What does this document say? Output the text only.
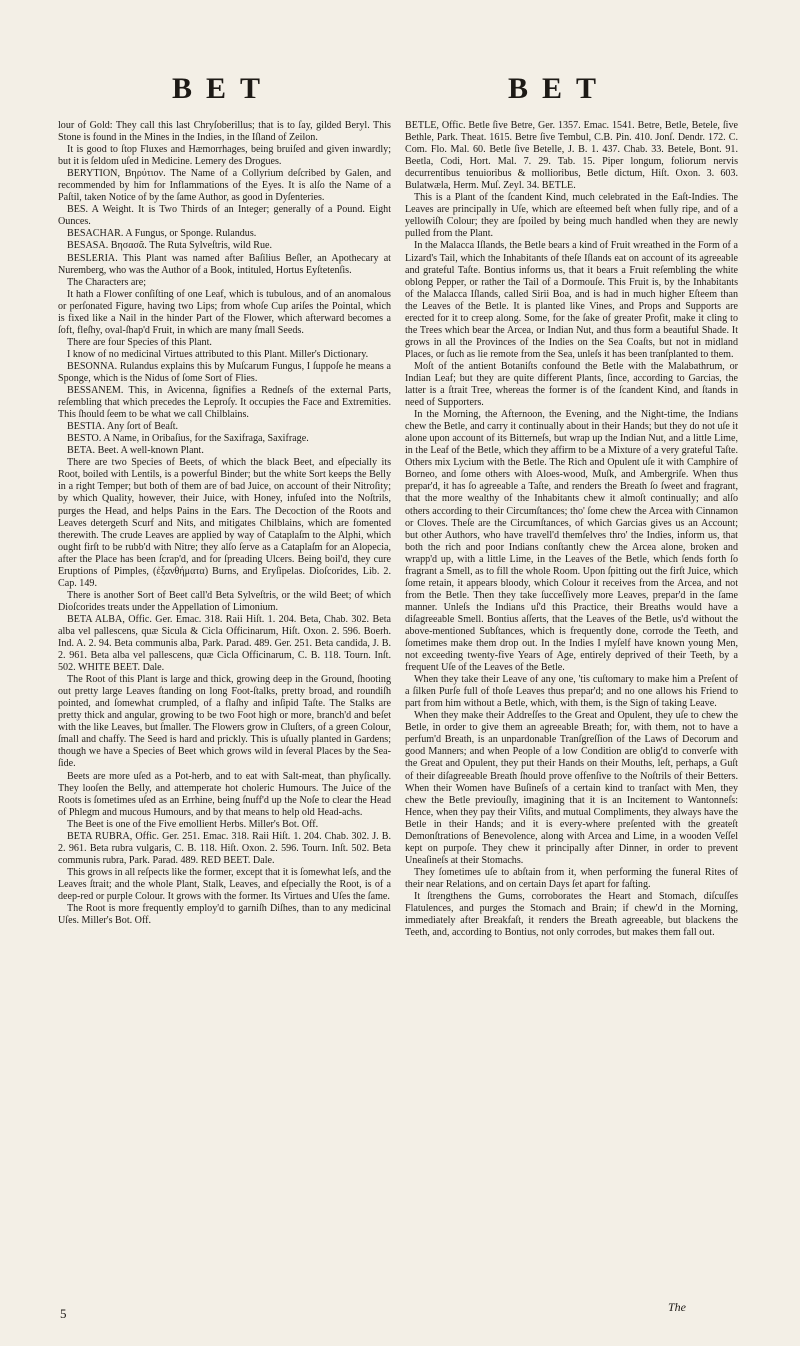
BET	BET

lour of Gold: They call this last Chryſoberillus; that is to ſay, gilded Beryl. This Stone is found in the Mines in the Indies, in the Iſland of Zeilon.

It is good to ſtop Fluxes and Hæmorrhages, being bruiſed and given inwardly; but it is ſeldom uſed in Medicine. Lemery des Drogues.

BERYTION, Βηρύτιον. The Name of a Collyrium deſcribed by Galen, and recommended by him for Inflammations of the Eyes. It is alſo the Name of a Paſtil, taken Notice of by the ſame Author, as good in Dyſenteries.

BES. A Weight. It is Two Thirds of an Integer; generally of a Pound. Eight Ounces.

BESACHAR. A Fungus, or Sponge. Rulandus.

BESASA. Βησασᾶ. The Ruta Sylveſtris, wild Rue.

BESLERIA. This Plant was named after Baſilius Beſler, an Apothecary at Nuremberg, who was the Author of a Book, intituled, Hortus Eyſtetenſis.

The Characters are;

It hath a Flower conſiſting of one Leaf, which is tubulous, and of an anomalous or perſonated Figure, having two Lips; from whoſe Cup ariſes the Pointal, which is fixed like a Nail in the hinder Part of the Flower, which afterward becomes a ſoft, fleſhy, oval-ſhap'd Fruit, in which are many ſmall Seeds.

There are four Species of this Plant.

I know of no medicinal Virtues attributed to this Plant. Miller's Dictionary.

BESONNA. Rulandus explains this by Muſcarum Fungus, I ſuppoſe he means a Sponge, which is the Nidus of ſome Sort of Flies.

BESSANEM. This, in Avicenna, ſignifies a Redneſs of the external Parts, reſembling that which precedes the Leproſy. It occupies the Face and Extremities. This ſhould ſeem to be what we call Chilblains.

BESTIA. Any ſort of Beaſt.

BESTO. A Name, in Oribaſius, for the Saxifraga, Saxifrage.

BETA. Beet. A well-known Plant.

There are two Species of Beets, of which the black Beet, and eſpecially its Root, boiled with Lentils, is a powerful Binder; but the white Sort keeps the Belly in a right Temper; but both of them are of bad Juice, on account of their Nitroſity; by which Quality, however, their Juice, with Honey, infuſed into the Noſtrils, purges the Head, and helps Pains in the Ears. The Decoction of the Roots and Leaves detergeth Scurf and Nits, and mitigates Chilblains, which are fomented therewith. The crude Leaves are applied by way of Cataplaſm to the Alphi, which ought firſt to be rubb'd with Nitre; they alſo ſerve as a Cataplaſm for an Alopecia, after the Place has been ſcrap'd, and for ſpreading Ulcers. Being boil'd, they cure Eruptions of Pimples, (ἐξανθήματα) Burns, and Eryſipelas. Dioſcorides, Lib. 2. Cap. 149.

There is another Sort of Beet call'd Beta Sylveſtris, or the wild Beet; of which Dioſcorides treats under the Appellation of Limonium.

BETA ALBA, Offic. Ger. Emac. 318. Raii Hiſt. 1. 204. Beta, Chab. 302. Beta alba vel pallescens, quæ Sicula & Cicla Officinarum, Hiſt. Oxon. 2. 596. Boerh. Ind. A. 2. 94. Beta communis alba, Park. Parad. 489. Ger. 251. Beta candida, J. B. 2. 961. Beta alba vel pallescens, quæ Cicla Officinarum, C. B. 118. Tourn. Inſt. 502. WHITE BEET. Dale.

The Root of this Plant is large and thick, growing deep in the Ground, ſhooting out pretty large Leaves ſtanding on long Foot-ſtalks, pretty broad, and roundiſh pointed, and ſomewhat crumpled, of a flaſhy and inſipid Taſte. The Stalks are pretty thick and angular, growing to be two Foot high or more, branch'd and beſet with the like Leaves, but ſmaller. The Flowers grow in Cluſters, of a green Colour, ſmall and chaffy. The Seed is hard and prickly. This is uſually planted in Gardens; though we have a Species of Beet which grows wild in ſeveral Places by the Sea-ſide.

Beets are more uſed as a Pot-herb, and to eat with Salt-meat, than phyſically. They looſen the Belly, and attemperate hot choleric Humours. The Juice of the Roots is ſometimes uſed as an Errhine, being ſnuff'd up the Noſe to clear the Head of Phlegm and mucous Humours, and by that means to help old Head-achs.

The Beet is one of the Five emollient Herbs. Miller's Bot. Off.

BETA RUBRA, Offic. Ger. 251. Emac. 318. Raii Hiſt. 1. 204. Chab. 302. J. B. 2. 961. Beta rubra vulgaris, C. B. 118. Hiſt. Oxon. 2. 596. Tourn. Inſt. 502. Beta communis rubra, Park. Parad. 489. RED BEET. Dale.

This grows in all reſpects like the former, except that it is ſomewhat leſs, and the Leaves ſtrait; and the whole Plant, Stalk, Leaves, and eſpecially the Root, is of a deep-red or purple Colour. It grows with the former. Its Virtues and Uſes the ſame.

The Root is more frequently employ'd to garniſh Diſhes, than to any medicinal Uſes. Miller's Bot. Off.

BETLE, Offic. Betle ſive Betre, Ger. 1357. Emac. 1541. Betre, Betle, Betele, ſive Bethle, Park. Theat. 1615. Betre ſive Tembul, C.B. Pin. 410. Jonſ. Dendr. 172. C. Com. Flo. Mal. 60. Betle ſive Betelle, J. B. 1. 437. Chab. 33. Betele, Bont. 91. Beetla, Codi, Hort. Mal. 7. 29. Tab. 15. Piper longum, foliorum nervis decurrentibus tenuioribus & mollioribus, Betle dictum, Hiſt. Oxon. 3. 603. Bulatwæla, Herm. Muſ. Zeyl. 34. BETLE.

This is a Plant of the ſcandent Kind, much celebrated in the Eaſt-Indies. The Leaves are principally in Uſe, which are eſteemed beſt when fully ripe, and of a yellowiſh Colour; they are ſpoiled by being much handled when they are newly pulled from the Plant.

In the Malacca Iſlands, the Betle bears a kind of Fruit wreathed in the Form of a Lizard's Tail, which the Inhabitants of theſe Iſlands eat on account of its agreeable and grateful Taſte. Bontius informs us, that it bears a Fruit reſembling the white oblong Pepper, or rather the Tail of a Dormouſe. This Fruit is, by the Inhabitants of the Malacca Iſlands, called Sirii Boa, and is had in much higher Eſteem than the Leaves of the Betle. It is planted like Vines, and Props and Supports are erected for it to creep along. Some, for the ſake of greater Profit, make it cling to the Trees which bear the Arcea, or Indian Nut, and thus form a beautiful Shade. It grows in all the Provinces of the Indies on the Sea Coaſts, but not in midland Places, or ſuch as lie remote from the Sea, unleſs it has been tranſplanted to them.

Moſt of the antient Botaniſts confound the Betle with the Malabathrum, or Indian Leaf; but they are quite different Plants, ſince, according to Garcias, the latter is a ſtrait Tree, whereas the former is of the ſcandent Kind, and ſtands in need of Supporters.

In the Morning, the Afternoon, the Evening, and the Night-time, the Indians chew the Betle, and carry it continually about in their Hands; but they do not uſe it alone upon account of its Bitterneſs, but wrap up the Indian Nut, and a little Lime, in the Leaf of the Betle, which they affirm to be a Mixture of a very grateful Taſte. Others mix Lycium with the Betle. The Rich and Opulent uſe it with Camphire of Borneo, and ſome others with Aloes-wood, Muſk, and Ambergriſe. When thus prepar'd, it has ſo agreeable a Taſte, and renders the Breath ſo ſweet and fragrant, that the more wealthy of the Inhabitants chew it almoſt continually; and alſo others according to their Circumſtances; tho' ſome chew the Arcea with Cinnamon or Cloves. Theſe are the Circumſtances, of which Garcias gives us an Account; but other Authors, who have travell'd themſelves thro' the Indies, inform us, that both the rich and poor Indians conſtantly chew the Arcea alone, broken and wrapp'd up, with a little Lime, in the Leaves of the Betle, which ſends forth ſo fragrant a Smell, as to fill the whole Room. Upon ſpitting out the firſt Juice, which ſome retain, it appears bloody, which Colour it receives from the Arcea, and not from the Betle. Then they take ſucceſſively more Leaves, prepar'd in the ſame manner. Unleſs the Indians uſ'd this Practice, their Breaths would have a diſagreeable Smell. Bontius aſſerts, that the Leaves of the Betle, us'd without the above-mentioned Subſtances, which is frequently done, corrode the Teeth, and ſometimes make them drop out. In the Indies I myſelf have known young Men, not exceeding twenty-five Years of Age, entirely deprived of their Teeth, by a frequent Uſe of the Leaves of the Betle.

When they take their Leave of any one, 'tis cuſtomary to make him a Preſent of a ſilken Purſe full of thoſe Leaves thus prepar'd; and no one allows his Friend to part from him without a Betle, which, with them, is the Sign of taking Leave.

When they make their Addreſſes to the Great and Opulent, they uſe to chew the Betle, in order to give them an agreeable Breath; for, with them, not to have a perfum'd Breath, is an unpardonable Tranſgreſſion of the Laws of Decorum and good Manners; and when People of a low Condition are oblig'd to converſe with the Great and Opulent, they put their Hands on their Mouths, leſt, perhaps, a Guſt of their diſagreeable Breath ſhould prove offenſive to the Noſtrils of their Betters. When their Women have Buſineſs of a certain kind to tranſact with Men, they chew the Betle previouſly, imagining that it is an Incitement to Wantonneſs: Hence, when they pay their Viſits, and mutual Compliments, they always have the Betle in their Hands; and it is every-where preſented with the greateſt Demonſtrations of Benevolence, along with Arcea and Lime, in a wooden Veſſel kept on purpoſe. They chew it principally after Dinner, in order to prevent Uneaſineſs at their Stomachs.

They ſometimes uſe to abſtain from it, when performing the funeral Rites of their near Relations, and on certain Days ſet apart for faſting.

It ſtrengthens the Gums, corroborates the Heart and Stomach, diſcuſſes Flatulences, and purges the Stomach and Brain; if chew'd in the Morning, immediately after Breakfaſt, it renders the Breath agreeable, but blackens the Teeth, and, according to Bontius, not only corrodes, but makes them fall out.

5	The
